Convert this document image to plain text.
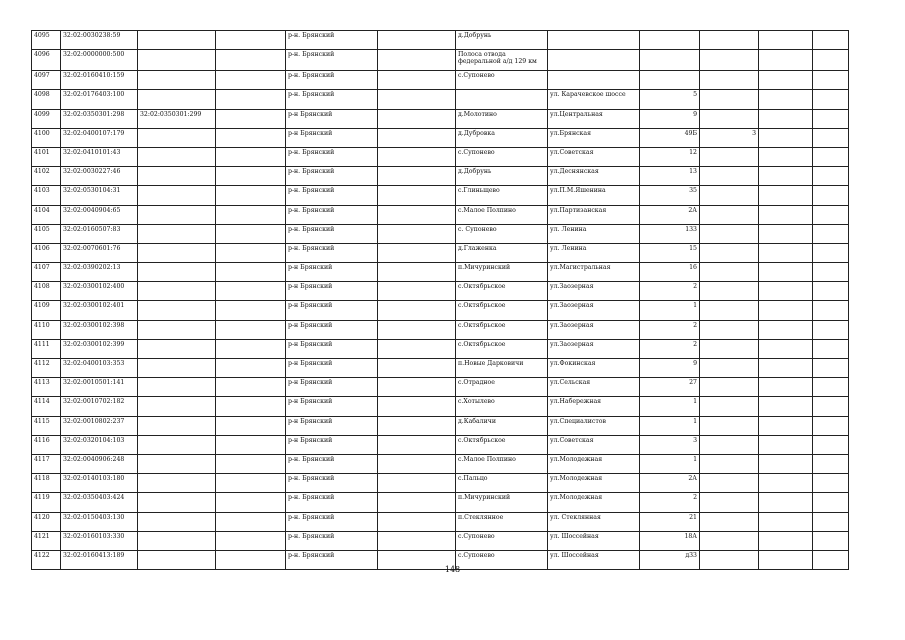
4095	32:02:0030238:59			р-н. Брянский		д.Добрунь					
4096	32:02:0000000:500			р-н. Брянский		Полоса отвода федеральной а/д 129 км					
4097	32:02:0160410:159			р-н. Брянский		с.Супонево					
4098	32:02:0176403:100			р-н. Брянский			ул. Карачевское шоссе	5			
4099	32:02:0350301:298	32:02:0350301:299		р-н Брянский		д.Молотино	ул.Центральная	9			
4100	32:02:0400107:179			р-н Брянский		д.Дубровка	ул.Брянская	49Б	3		
4101	32:02:0410101:43			р-н. Брянский		с.Супонево	ул.Советская	12			
4102	32:02:0030227:46			р-н. Брянский		д.Добрунь	ул.Деснянская	13			
4103	32:02:0530104:31			р-н. Брянский		с.Глиньщево	ул.П.М.Яшенина	35			
4104	32:02:0040904:65			р-н. Брянский		с.Малое Полпино	ул.Партизанская	2А			
4105	32:02:0160507:83			р-н. Брянский		с. Супонево	ул. Ленина	133			
4106	32:02:0070601:76			р-н. Брянский		д.Глаженка	ул. Ленина	15			
4107	32:02:0390202:13			р-н Брянский		п.Мичуринский	ул.Магистральная	16			
4108	32:02:0300102:400			р-н Брянский		с.Октябрьское	ул.Заозерная	2			
4109	32:02:0300102:401			р-н Брянский		с.Октябрьское	ул.Заозерная	1			
4110	32:02:0300102:398			р-н Брянский		с.Октябрьское	ул.Заозерная	2			
4111	32:02:0300102:399			р-н Брянский		с.Октябрьское	ул.Заозерная	2			
4112	32:02:0400103:353			р-н Брянский		п.Новые Дарковичи	ул.Фокинская	9			
4113	32:02:0010501:141			р-н Брянский		с.Отрадное	ул.Сельская	27			
4114	32:02:0010702:182			р-н Брянский		с.Хотылево	ул.Набережная	1			
4115	32:02:0010802:237			р-н Брянский		д.Кабаличи	ул.Специалистов	1			
4116	32:02:0320104:103			р-н Брянский		с.Октябрьское	ул.Советская	3			
4117	32:02:0040906:248			р-н. Брянский		с.Малое Полпино	ул.Молодежная	1			
4118	32:02:0140103:180			р-н. Брянский		с.Пальцо	ул.Молодежная	2А			
4119	32:02:0350403:424			р-н. Брянский		п.Мичуринский	ул.Молодежная	2			
4120	32:02:0150403:130			р-н. Брянский		п.Стеклянное	ул. Стеклянная	21			
4121	32:02:0160103:330			р-н. Брянский		с.Супонево	ул. Шоссейная	18А			
4122	32:02:0160413:189			р-н. Брянский		с.Супонево	ул. Шоссейная	д33			
148
